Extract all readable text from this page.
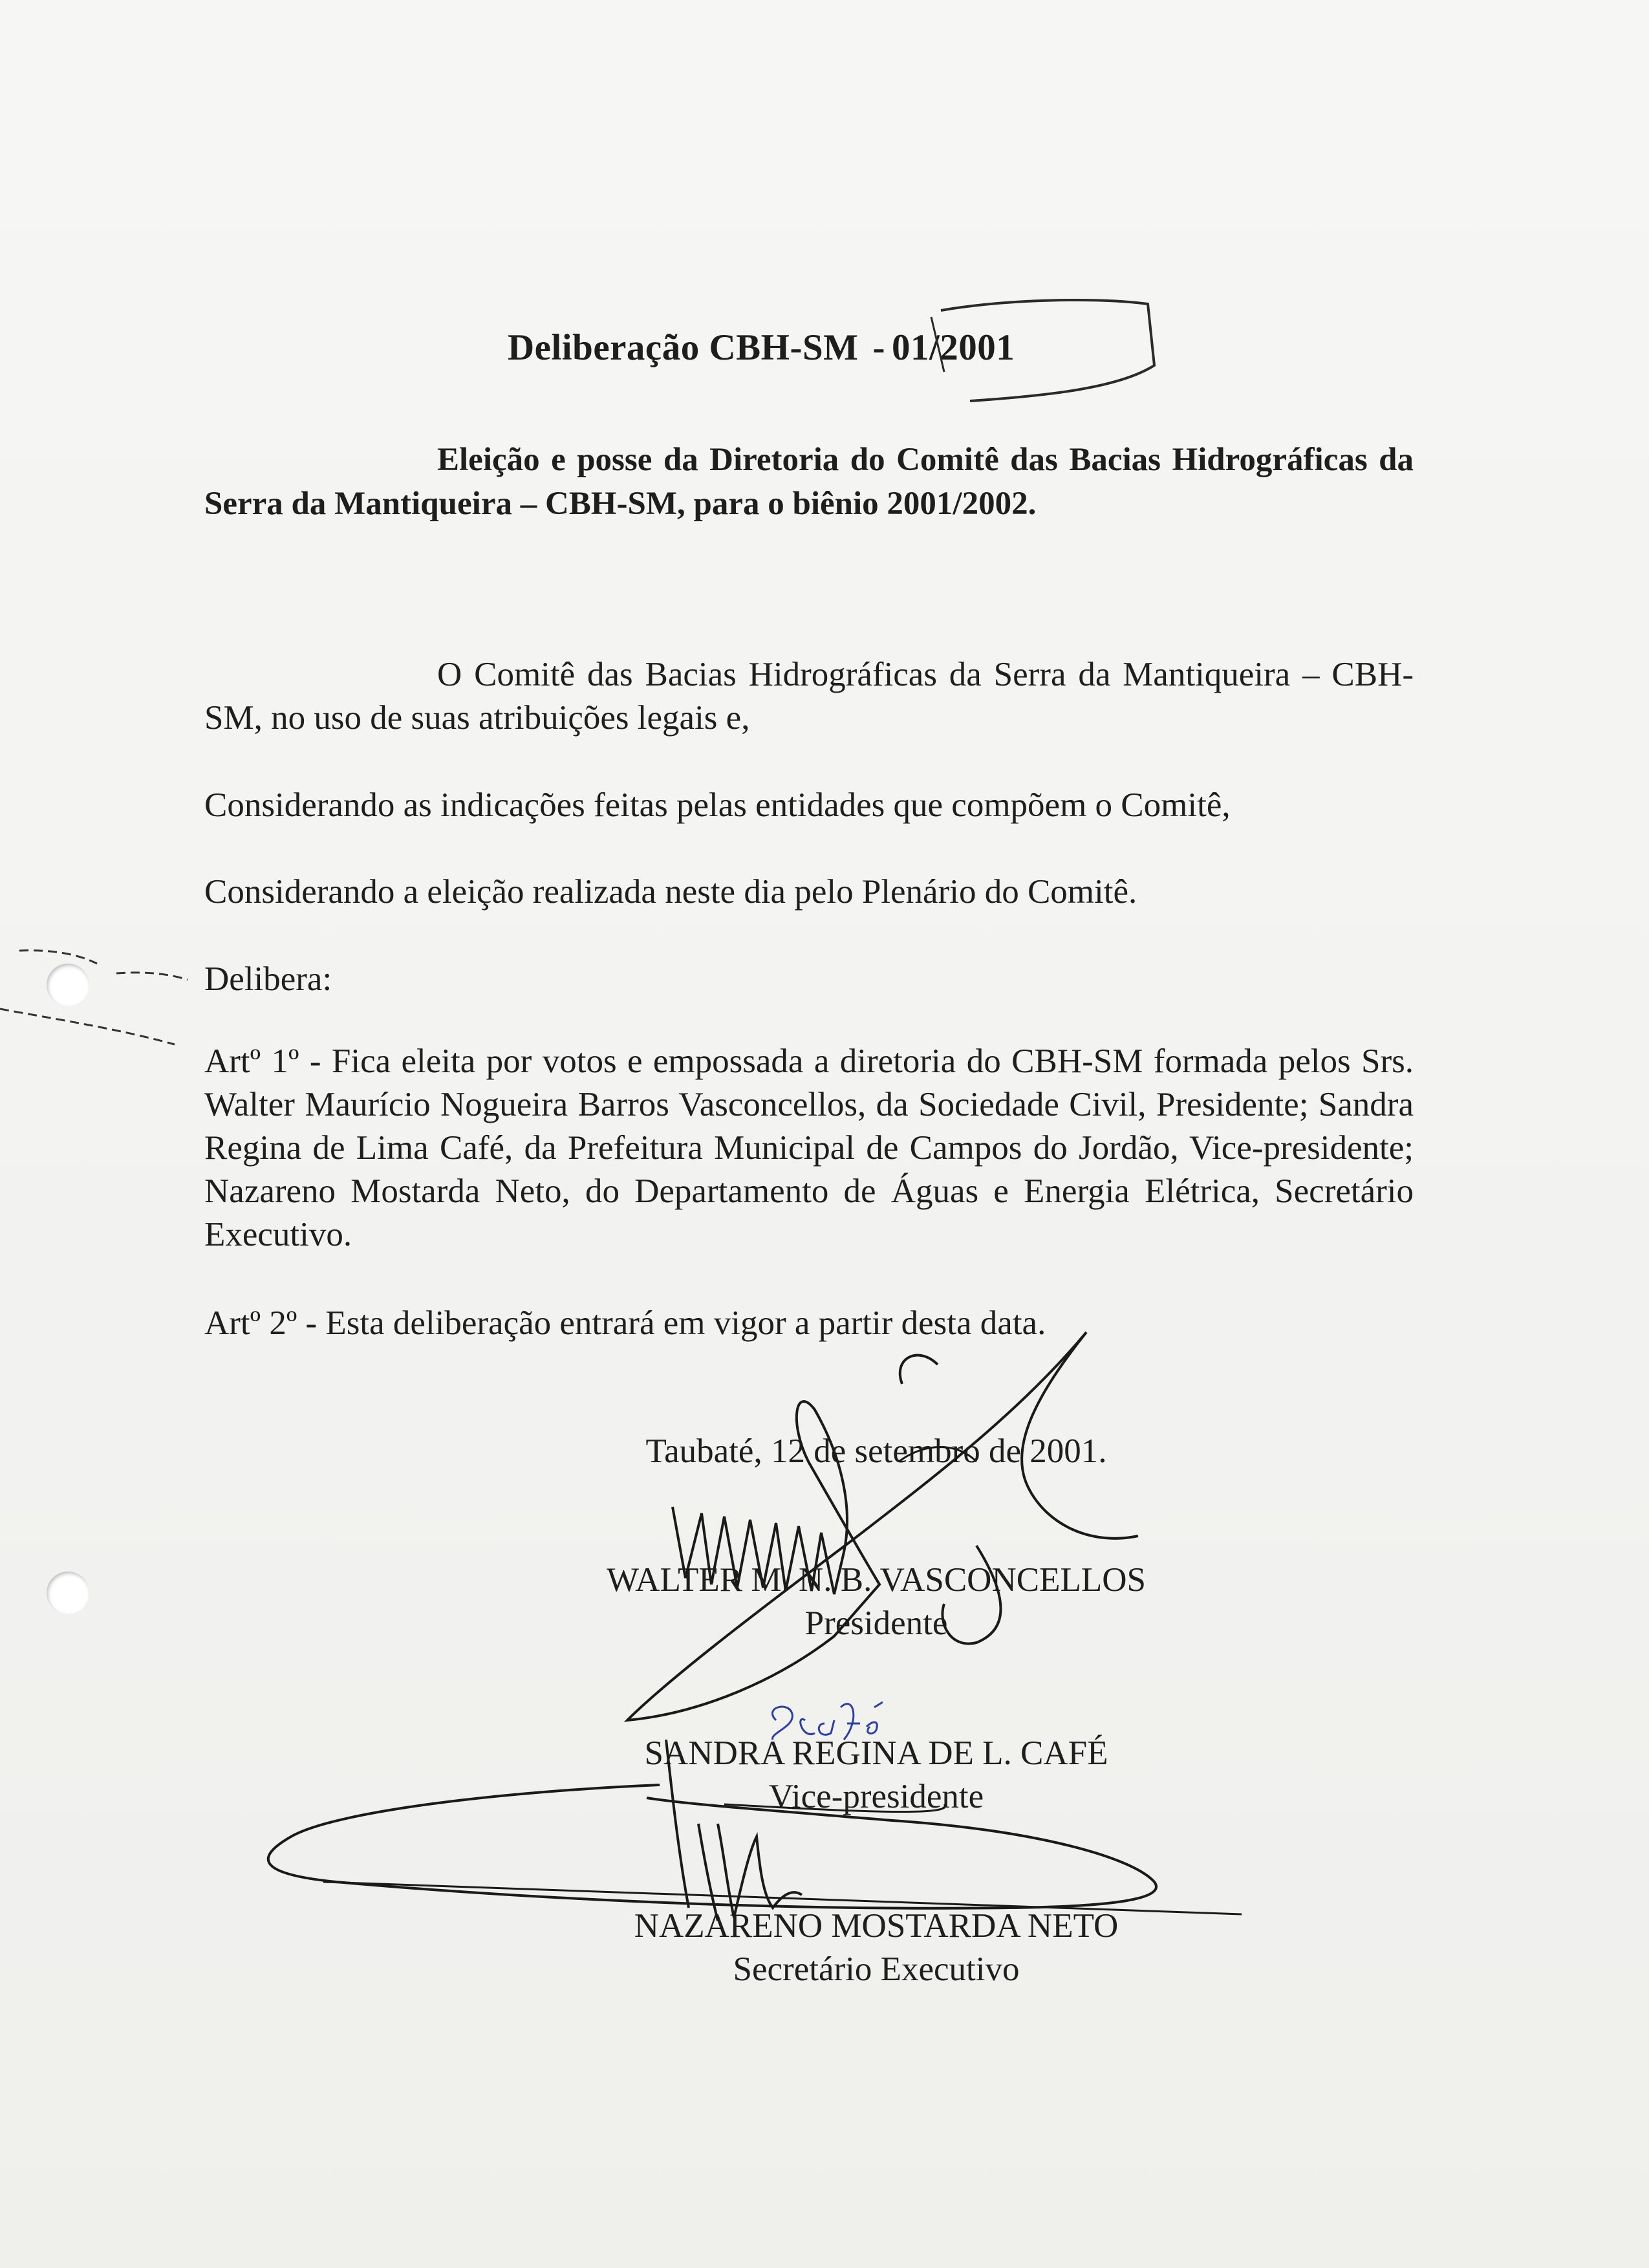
Deliberação CBH-SM - 01/2001
Eleição e posse da Diretoria do Comitê das Bacias Hidrográficas da Serra da Mantiqueira – CBH-SM, para o biênio 2001/2002.
O Comitê das Bacias Hidrográficas da Serra da Mantiqueira – CBH-SM, no uso de suas atribuições legais e,
Considerando as indicações feitas pelas entidades que compõem o Comitê,
Considerando a eleição realizada neste dia pelo Plenário do Comitê.
Delibera:
Artº 1º - Fica eleita por votos e empossada a diretoria do CBH-SM formada pelos Srs. Walter Maurício Nogueira Barros Vasconcellos, da Sociedade Civil, Presidente; Sandra Regina de Lima Café, da Prefeitura Municipal de Campos do Jordão, Vice-presidente; Nazareno Mostarda Neto, do Departamento de Águas e Energia Elétrica, Secretário Executivo.
Artº 2º - Esta deliberação entrará em vigor a partir desta data.
Taubaté, 12 de setembro de 2001.
WALTER M. N. B. VASCONCELLOS
Presidente
SANDRA REGINA DE L. CAFÉ
Vice-presidente
NAZARENO MOSTARDA NETO
Secretário Executivo
